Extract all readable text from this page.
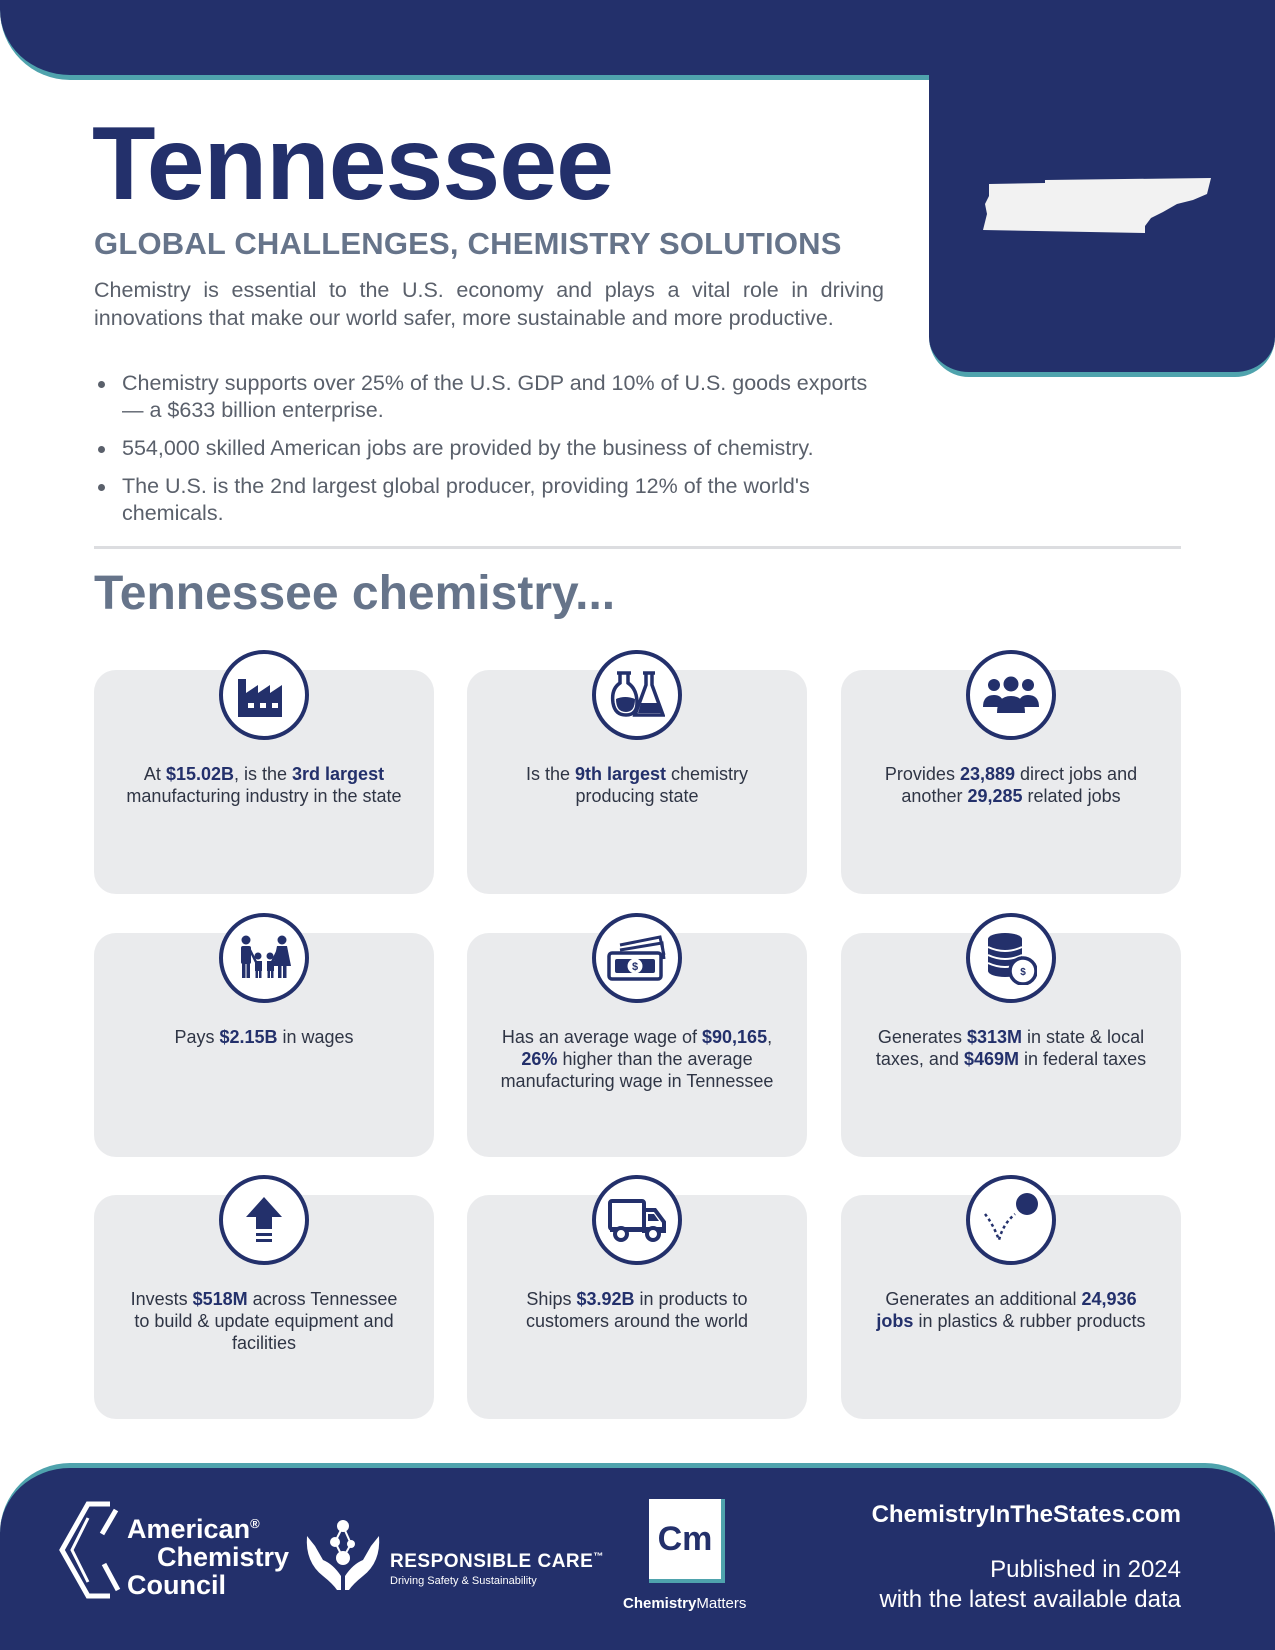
Tennessee
GLOBAL CHALLENGES, CHEMISTRY SOLUTIONS

Chemistry is essential to the U.S. economy and plays a vital role in driving innovations that make our world safer, more sustainable and more productive.

Chemistry supports over 25% of the U.S. GDP and 10% of U.S. goods exports — a $633 billion enterprise.
554,000 skilled American jobs are provided by the business of chemistry.
The U.S. is the 2nd largest global producer, providing 12% of the world's chemicals.
Tennessee chemistry...
At $15.02B, is the 3rd largest manufacturing industry in the state
Is the 9th largest chemistry producing state
Provides 23,889 direct jobs and another 29,285 related jobs
Pays $2.15B in wages
$
Has an average wage of $90,165, 26% higher than the average manufacturing wage in Tennessee
$
Generates $313M in state & local taxes, and $469M in federal taxes
Invests $518M across Tennessee to build & update equipment and facilities
Ships $3.92B in products to customers around the world
Generates an additional 24,936 jobs in plastics & rubber products
American®
Chemistry
Council
RESPONSIBLE CARE™
Driving Safety & Sustainability
Cm
ChemistryMatters
ChemistryInTheStates.com
Published in 2024
with the latest available data
